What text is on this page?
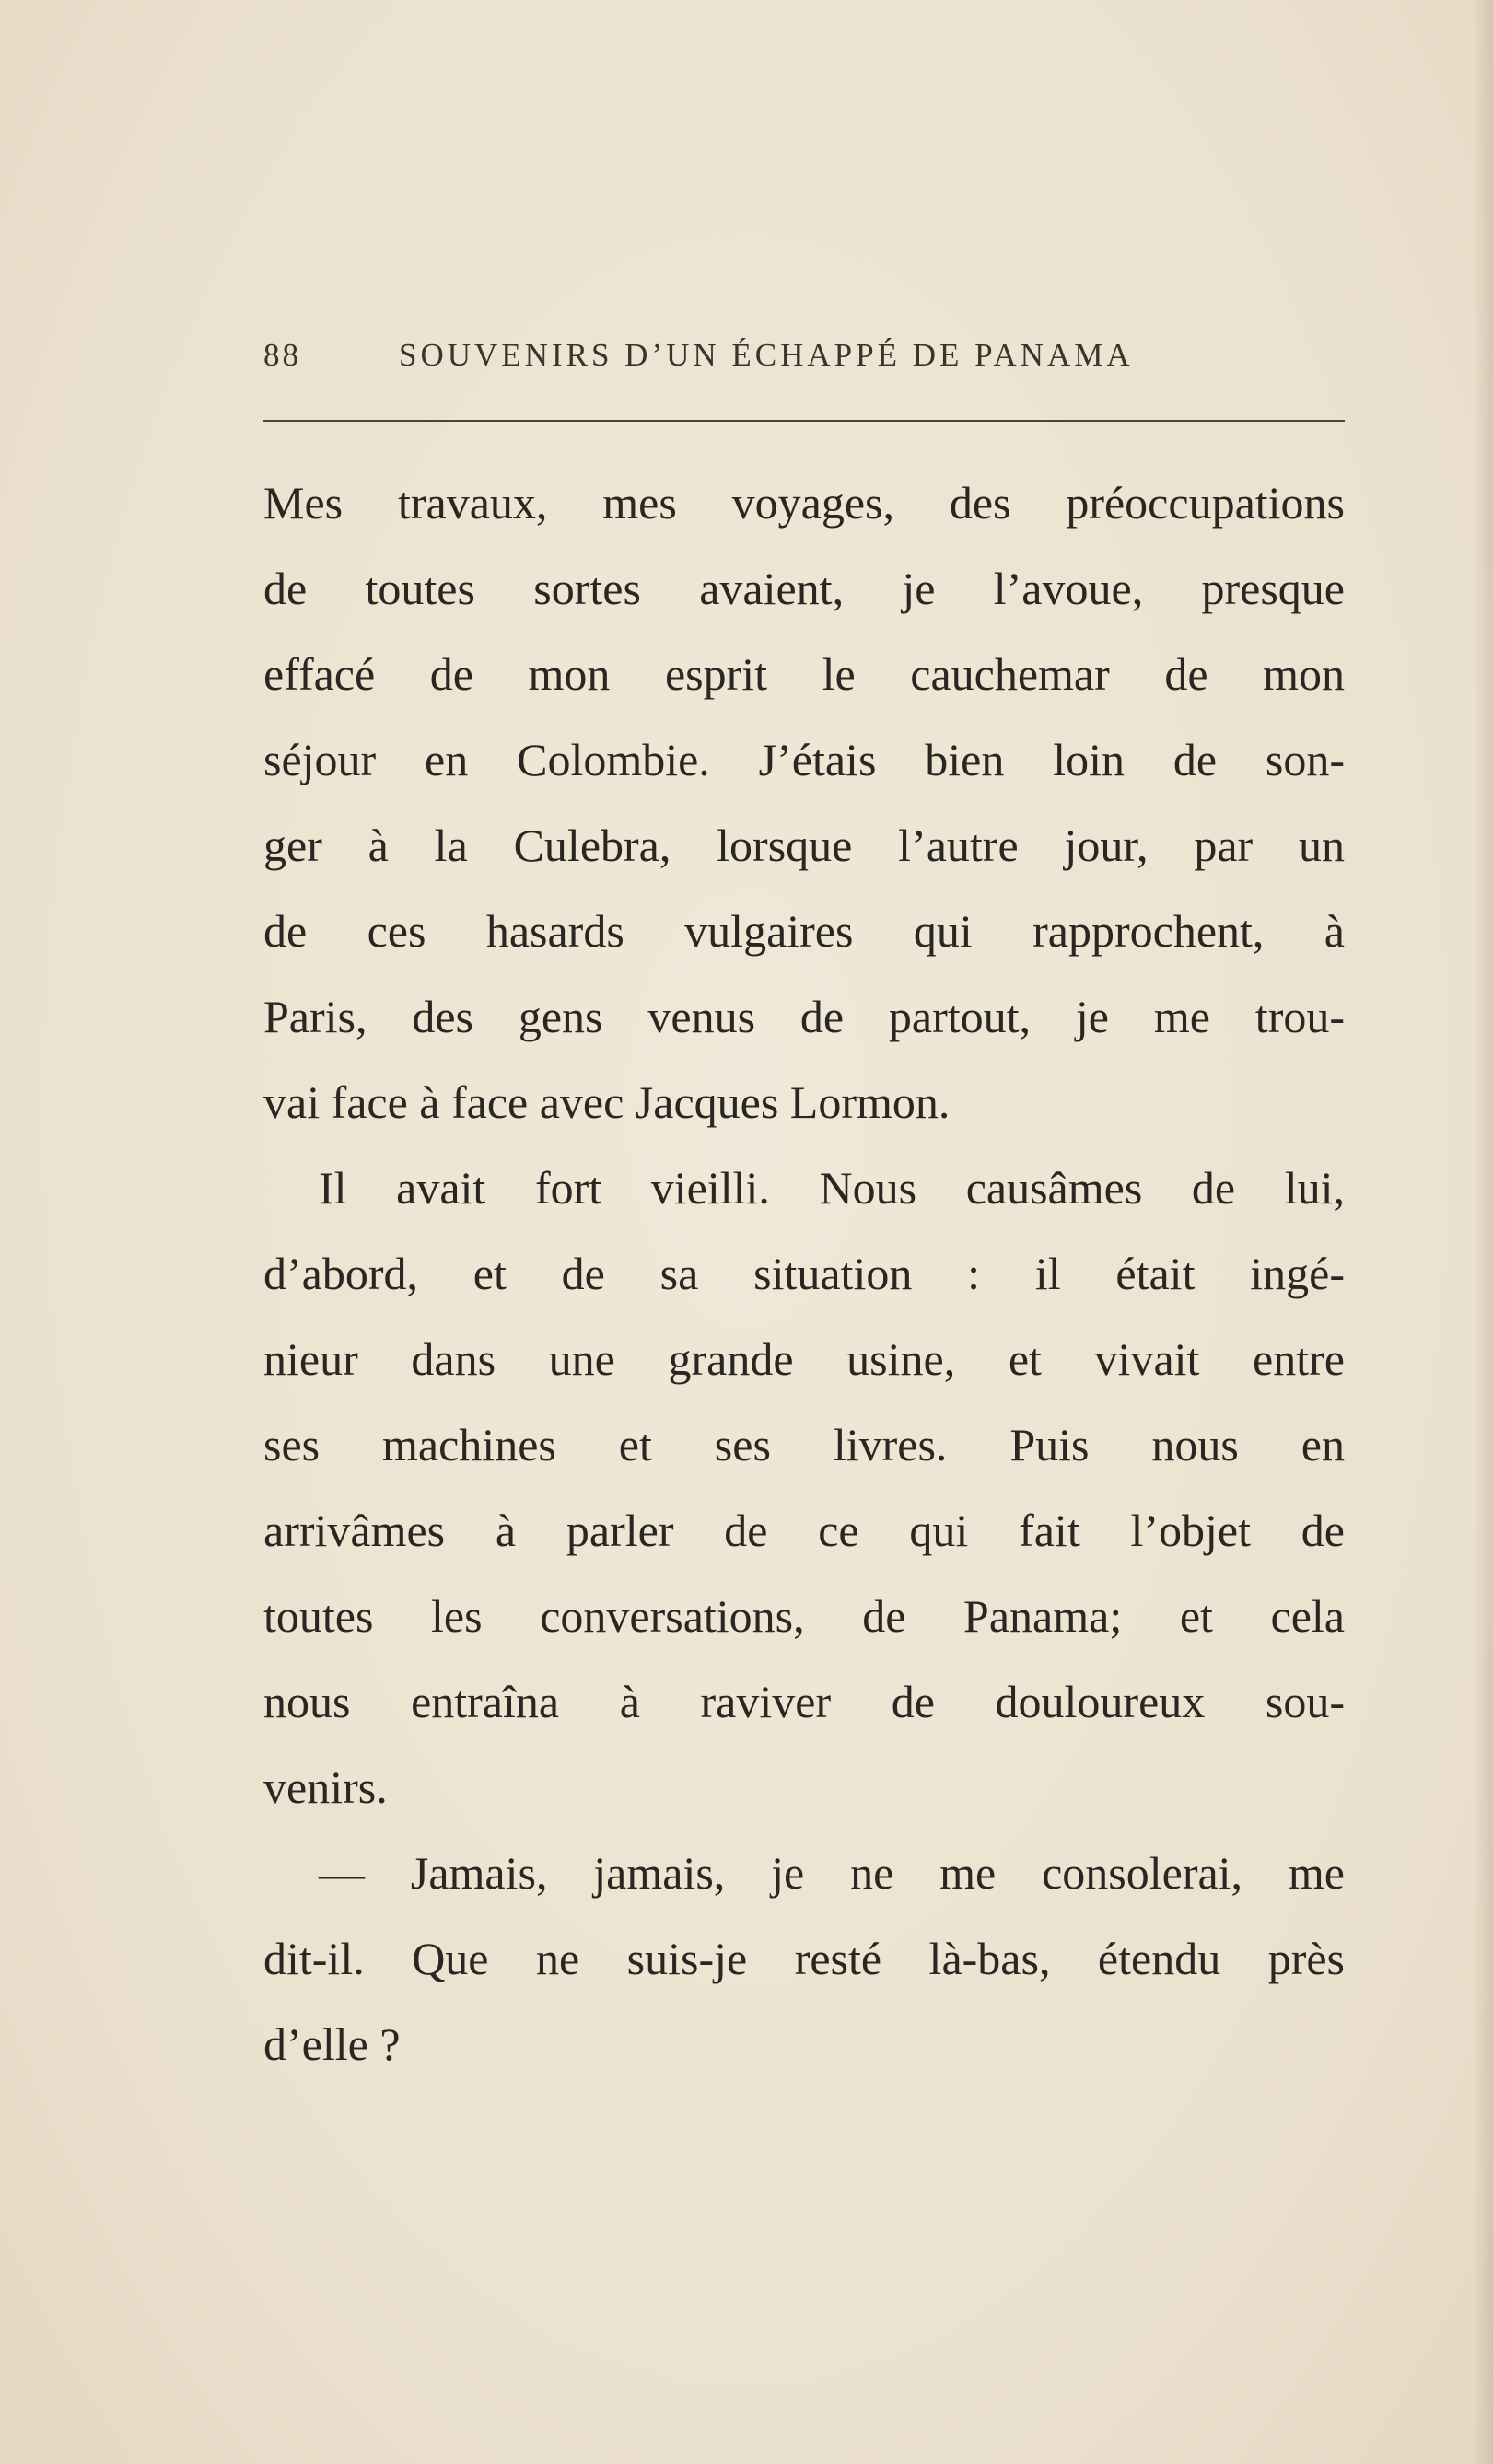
88	SOUVENIRS D’UN ÉCHAPPÉ DE PANAMA

Mes travaux, mes voyages, des préoccupations
de toutes sortes avaient, je l’avoue, presque
effacé de mon esprit le cauchemar de mon
séjour en Colombie. J’étais bien loin de son-
ger à la Culebra, lorsque l’autre jour, par un
de ces hasards vulgaires qui rapprochent, à
Paris, des gens venus de partout, je me trou-
vai face à face avec Jacques Lormon.

Il avait fort vieilli. Nous causâmes de lui,
d’abord, et de sa situation : il était ingé-
nieur dans une grande usine, et vivait entre
ses machines et ses livres. Puis nous en
arrivâmes à parler de ce qui fait l’objet de
toutes les conversations, de Panama; et cela
nous entraîna à raviver de douloureux sou-
venirs.

— Jamais, jamais, je ne me consolerai, me
dit-il. Que ne suis-je resté là-bas, étendu près
d’elle ?
